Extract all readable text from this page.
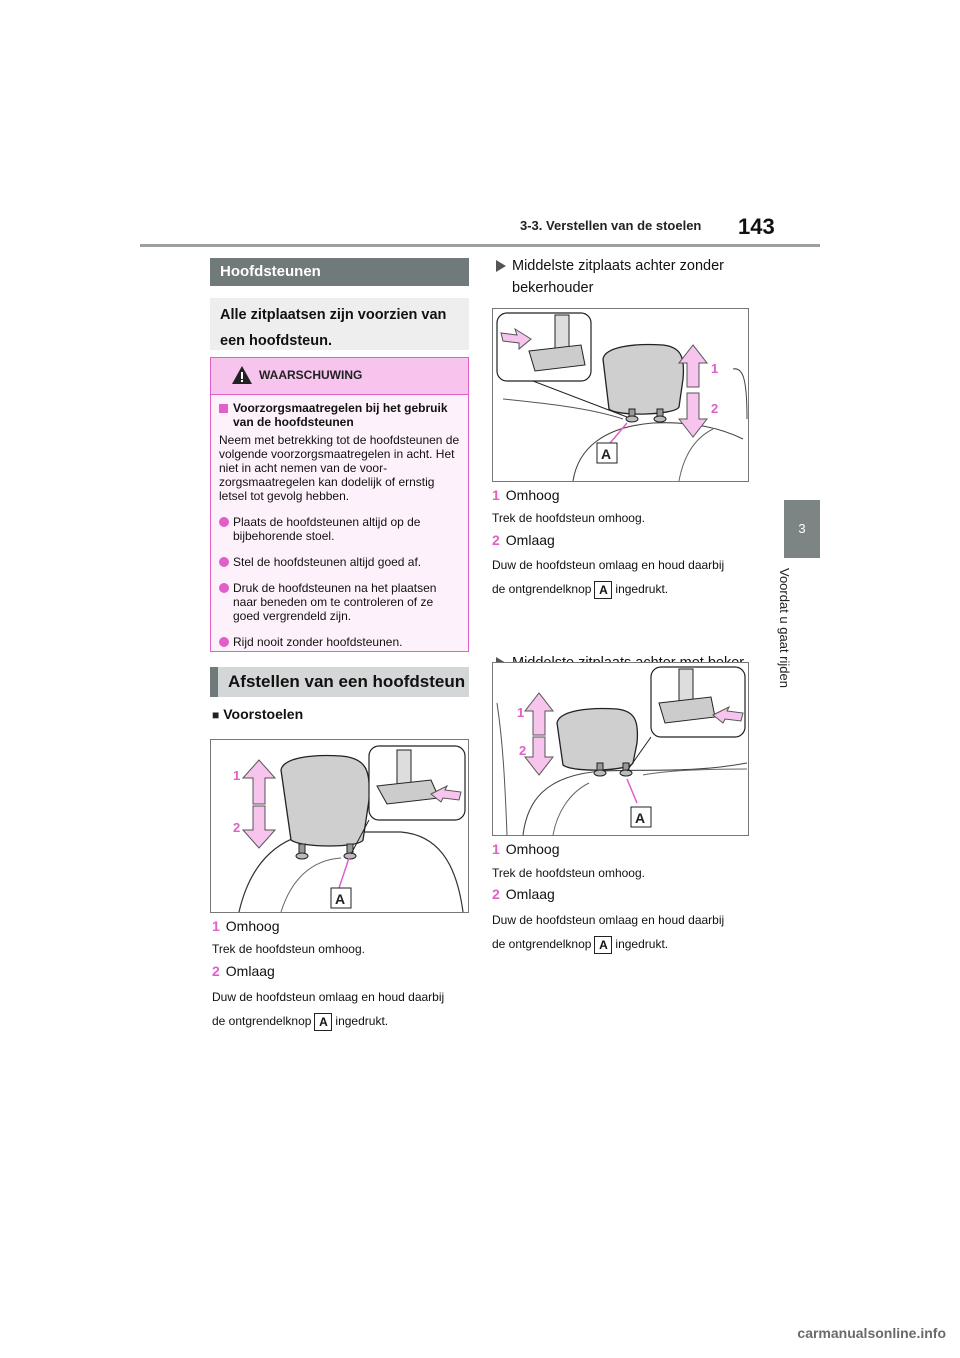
3-3. Verstellen van de stoelen 143
3
Voordat u gaat rijden
Hoofdsteunen
Alle zitplaatsen zijn voorzien van een hoofdsteun.
WAARSCHUWING
Voorzorgsmaatregelen bij het gebruik van de hoofdsteunen
Neem met betrekking tot de hoofdsteunen de volgende voorzorgsmaatregelen in acht. Het niet in acht nemen van de voor-zorgsmaatregelen kan dodelijk of ernstig letsel tot gevolg hebben.
Plaats de hoofdsteunen altijd op de bijbehorende stoel.
Stel de hoofdsteunen altijd goed af.
Druk de hoofdsteunen na het plaatsen naar beneden om te controleren of ze goed vergrendeld zijn.
Rijd nooit zonder hoofdsteunen.
Afstellen van een hoofdsteun
■ Voorstoelen
1
2
A
1 Omhoog
Trek de hoofdsteun omhoog.
2 Omlaag
Duw de hoofdsteun omlaag en houd daarbij
de ontgrendelknop A ingedrukt.
Middelste zitplaats achter zonder bekerhouder
1
2
A
1 Omhoog
Trek de hoofdsteun omhoog.
2 Omlaag
Duw de hoofdsteun omlaag en houd daarbij
de ontgrendelknop A ingedrukt.
1
2
A
1 Omhoog
Trek de hoofdsteun omhoog.
2 Omlaag
Duw de hoofdsteun omlaag en houd daarbij
de ontgrendelknop A ingedrukt.
carmanualsonline.info
